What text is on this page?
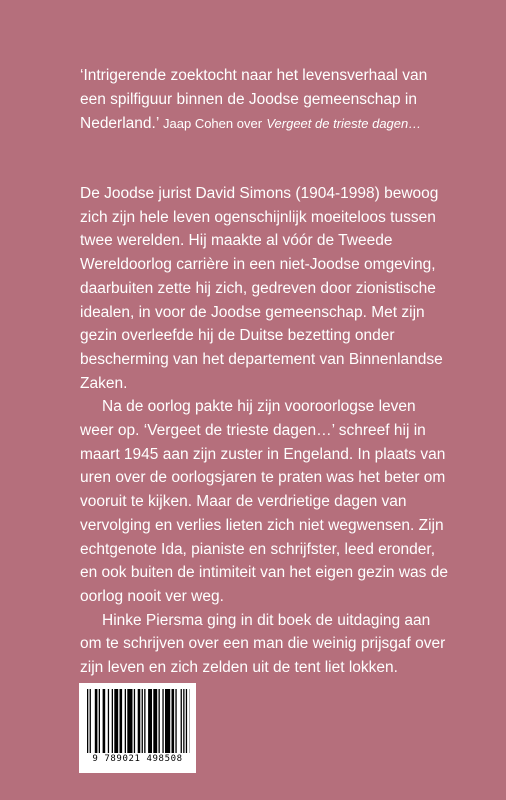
‘Intrigerende zoektocht naar het levensverhaal van een spilfiguur binnen de Joodse gemeenschap in Nederland.’ Jaap Cohen over Vergeet de trieste dagen…

De Joodse jurist David Simons (1904-1998) bewoog zich zijn hele leven ogenschijnlijk moeiteloos tussen twee werelden. Hij maakte al vóór de Tweede Wereldoorlog carrière in een niet-Joodse omgeving, daarbuiten zette hij zich, gedreven door zionistische idealen, in voor de Joodse gemeenschap. Met zijn gezin overleefde hij de Duitse bezetting onder bescherming van het departement van Binnenlandse Zaken.

Na de oorlog pakte hij zijn vooroorlogse leven weer op. ‘Vergeet de trieste dagen…’ schreef hij in maart 1945 aan zijn zuster in Engeland. In plaats van uren over de oorlogsjaren te praten was het beter om vooruit te kijken. Maar de verdrietige dagen van vervolging en verlies lieten zich niet wegwensen. Zijn echtgenote Ida, pianiste en schrijfster, leed eronder, en ook buiten de intimiteit van het eigen gezin was de oorlog nooit ver weg.

Hinke Piersma ging in dit boek de uitdaging aan om te schrijven over een man die weinig prijsgaf over zijn leven en zich zelden uit de tent liet lokken.

9 789021 498508
